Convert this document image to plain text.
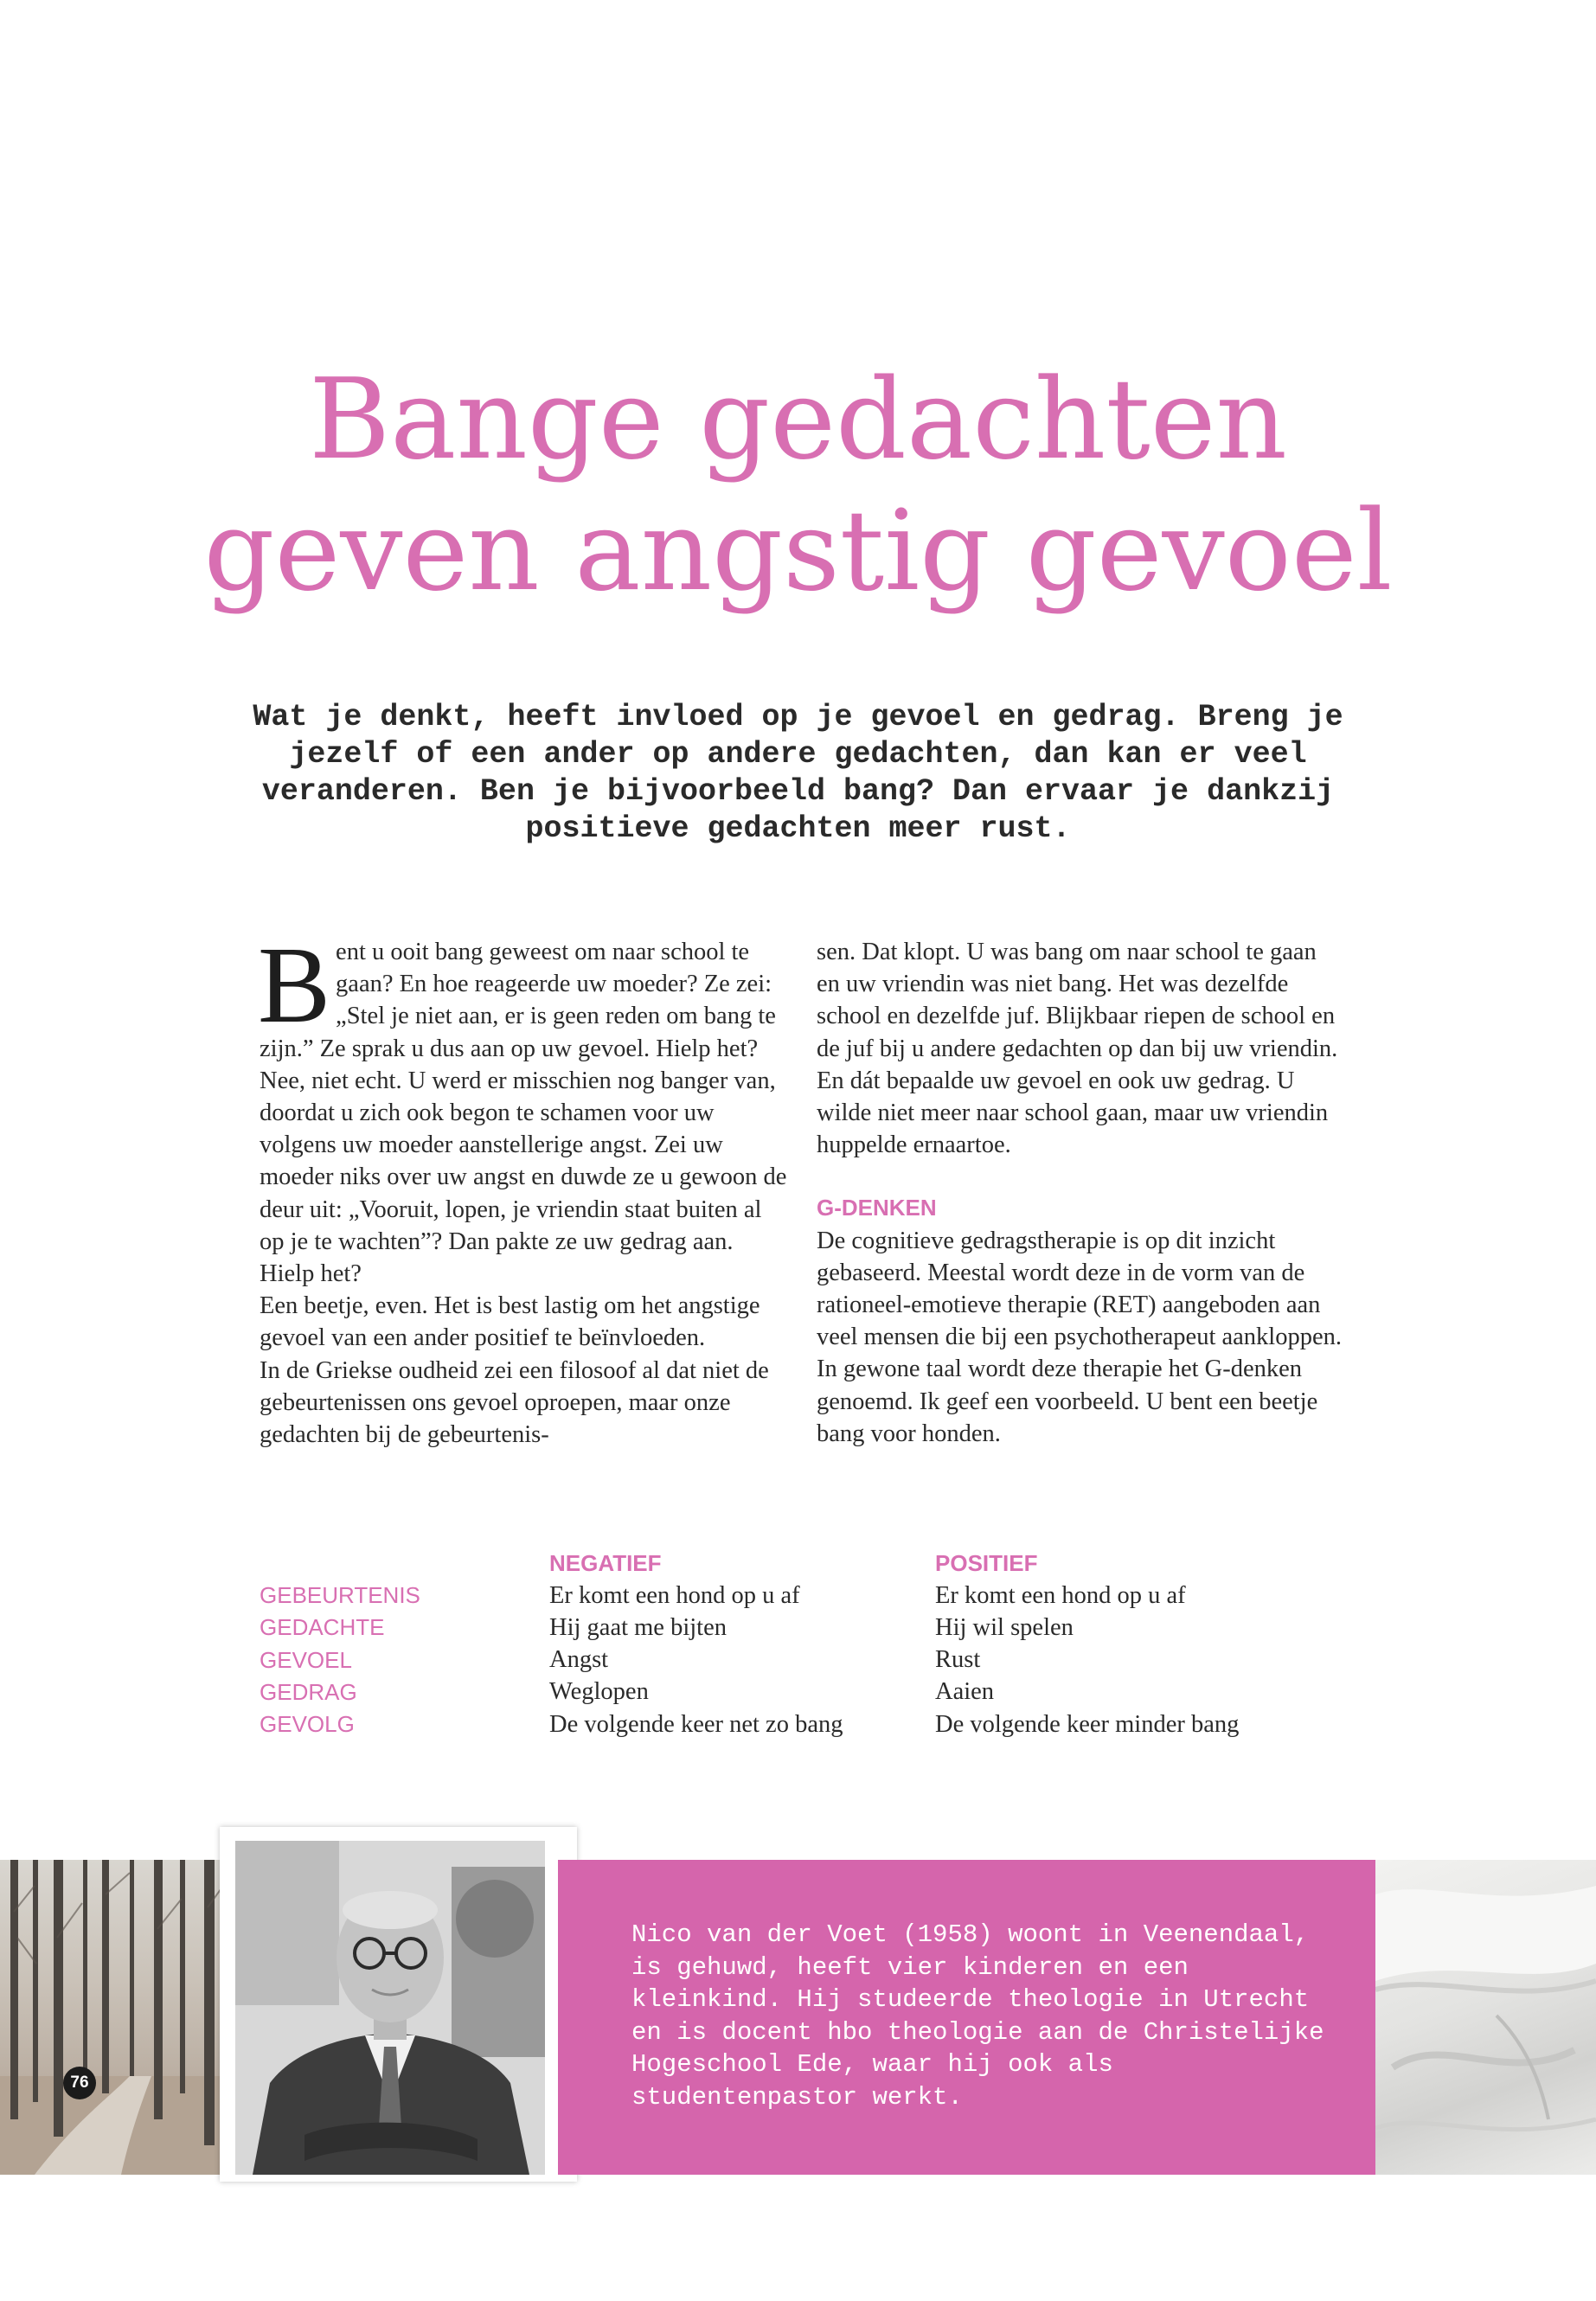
Bange gedachten
geven angstig gevoel

Wat je denkt, heeft invloed op je gevoel en gedrag. Breng je jezelf of een ander op andere gedachten, dan kan er veel veranderen. Ben je bijvoorbeeld bang? Dan ervaar je dankzij positieve gedachten meer rust.

Bent u ooit bang geweest om naar school te gaan? En hoe reageerde uw moeder? Ze zei: „Stel je niet aan, er is geen reden om bang te zijn.” Ze sprak u dus aan op uw gevoel. Hielp het? Nee, niet echt. U werd er misschien nog banger van, doordat u zich ook begon te schamen voor uw volgens uw moeder aanstellerige angst. Zei uw moeder niks over uw angst en duwde ze u gewoon de deur uit: „Vooruit, lopen, je vriendin staat buiten al op je te wachten”? Dan pakte ze uw gedrag aan. Hielp het?

Een beetje, even. Het is best lastig om het angstige gevoel van een ander positief te beïnvloeden.

In de Griekse oudheid zei een filosoof al dat niet de gebeurtenissen ons gevoel oproepen, maar onze gedachten bij de gebeurtenis-

sen. Dat klopt. U was bang om naar school te gaan en uw vriendin was niet bang. Het was dezelfde school en dezelfde juf. Blijkbaar riepen de school en de juf bij u andere gedachten op dan bij uw vriendin. En dát bepaalde uw gevoel en ook uw gedrag. U wilde niet meer naar school gaan, maar uw vriendin huppelde ernaartoe.

G-DENKEN

De cognitieve gedragstherapie is op dit inzicht gebaseerd. Meestal wordt deze in de vorm van de rationeel-emotieve therapie (RET) aangeboden aan veel mensen die bij een psychotherapeut aankloppen. In gewone taal wordt deze therapie het G-denken genoemd. Ik geef een voorbeeld. U bent een beetje bang voor honden.

	NEGATIEF	POSITIEF
GEBEURTENIS	Er komt een hond op u af	Er komt een hond op u af
GEDACHTE	Hij gaat me bijten	Hij wil spelen
GEVOEL	Angst	Rust
GEDRAG	Weglopen	Aaien
GEVOLG	De volgende keer net zo bang	De volgende keer minder bang

Nico van der Voet (1958) woont in Veenendaal, is gehuwd, heeft vier kinderen en een kleinkind. Hij studeerde theologie in Utrecht en is docent hbo theologie aan de Christelijke Hogeschool Ede, waar hij ook als studentenpastor werkt.

76
